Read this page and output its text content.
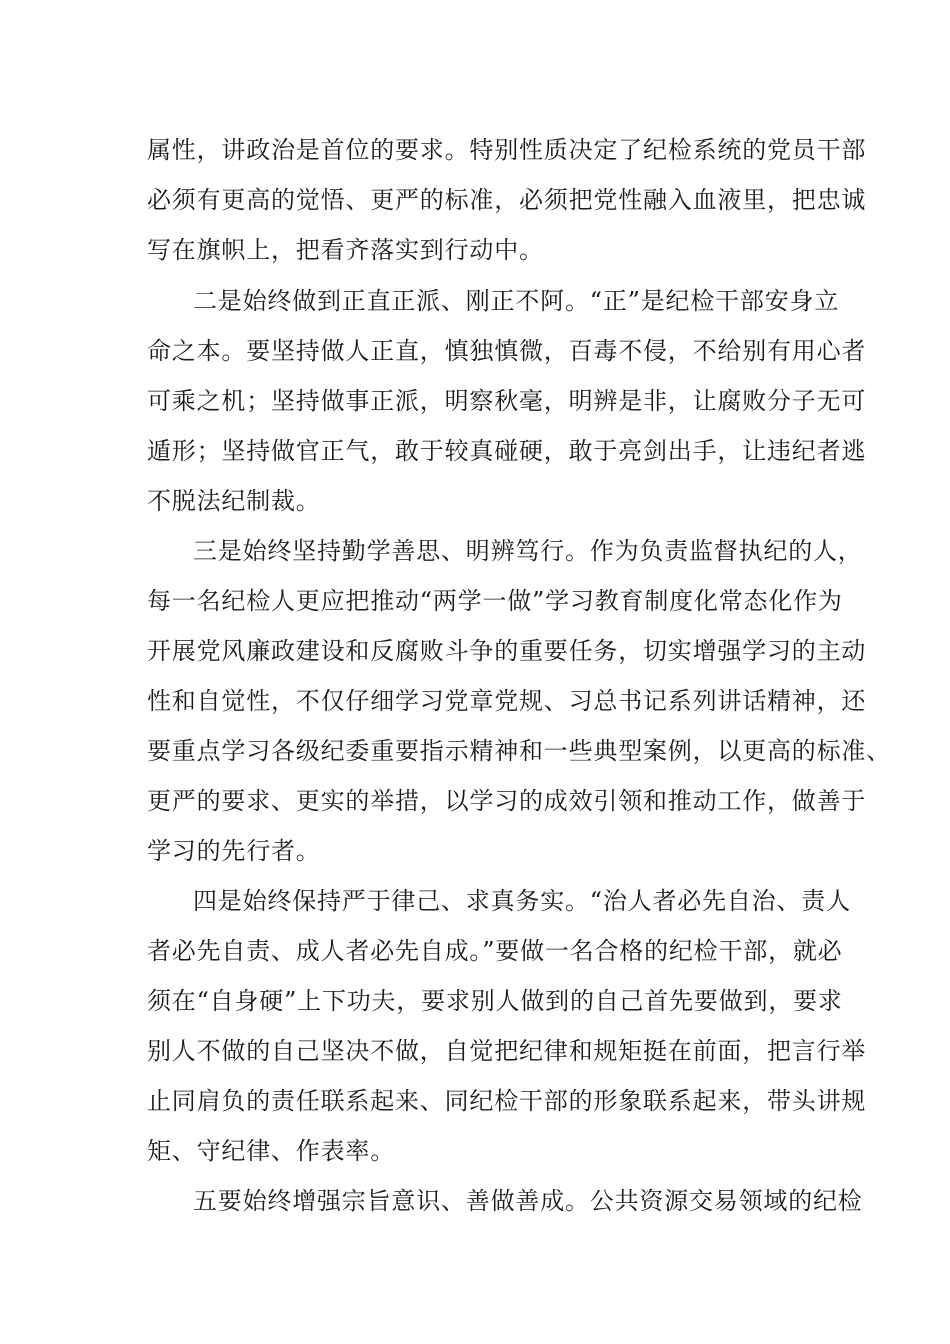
属性，讲政治是首位的要求。特别性质决定了纪检系统的党员干部

必须有更高的觉悟、更严的标准，必须把党性融入血液里，把忠诚

写在旗帜上，把看齐落实到行动中。

二是始终做到正直正派、刚正不阿。“正”是纪检干部安身立

命之本。要坚持做人正直，慎独慎微，百毒不侵，不给别有用心者

可乘之机；坚持做事正派，明察秋毫，明辨是非，让腐败分子无可

遁形；坚持做官正气，敢于较真碰硬，敢于亮剑出手，让违纪者逃

不脱法纪制裁。

三是始终坚持勤学善思、明辨笃行。作为负责监督执纪的人，

每一名纪检人更应把推动“两学一做”学习教育制度化常态化作为

开展党风廉政建设和反腐败斗争的重要任务，切实增强学习的主动

性和自觉性，不仅仔细学习党章党规、习总书记系列讲话精神，还

要重点学习各级纪委重要指示精神和一些典型案例，以更高的标准、

更严的要求、更实的举措，以学习的成效引领和推动工作，做善于

学习的先行者。

四是始终保持严于律己、求真务实。“治人者必先自治、责人

者必先自责、成人者必先自成。”要做一名合格的纪检干部，就必

须在“自身硬”上下功夫，要求别人做到的自己首先要做到，要求

别人不做的自己坚决不做，自觉把纪律和规矩挺在前面，把言行举

止同肩负的责任联系起来、同纪检干部的形象联系起来，带头讲规

矩、守纪律、作表率。

五要始终增强宗旨意识、善做善成。公共资源交易领域的纪检
